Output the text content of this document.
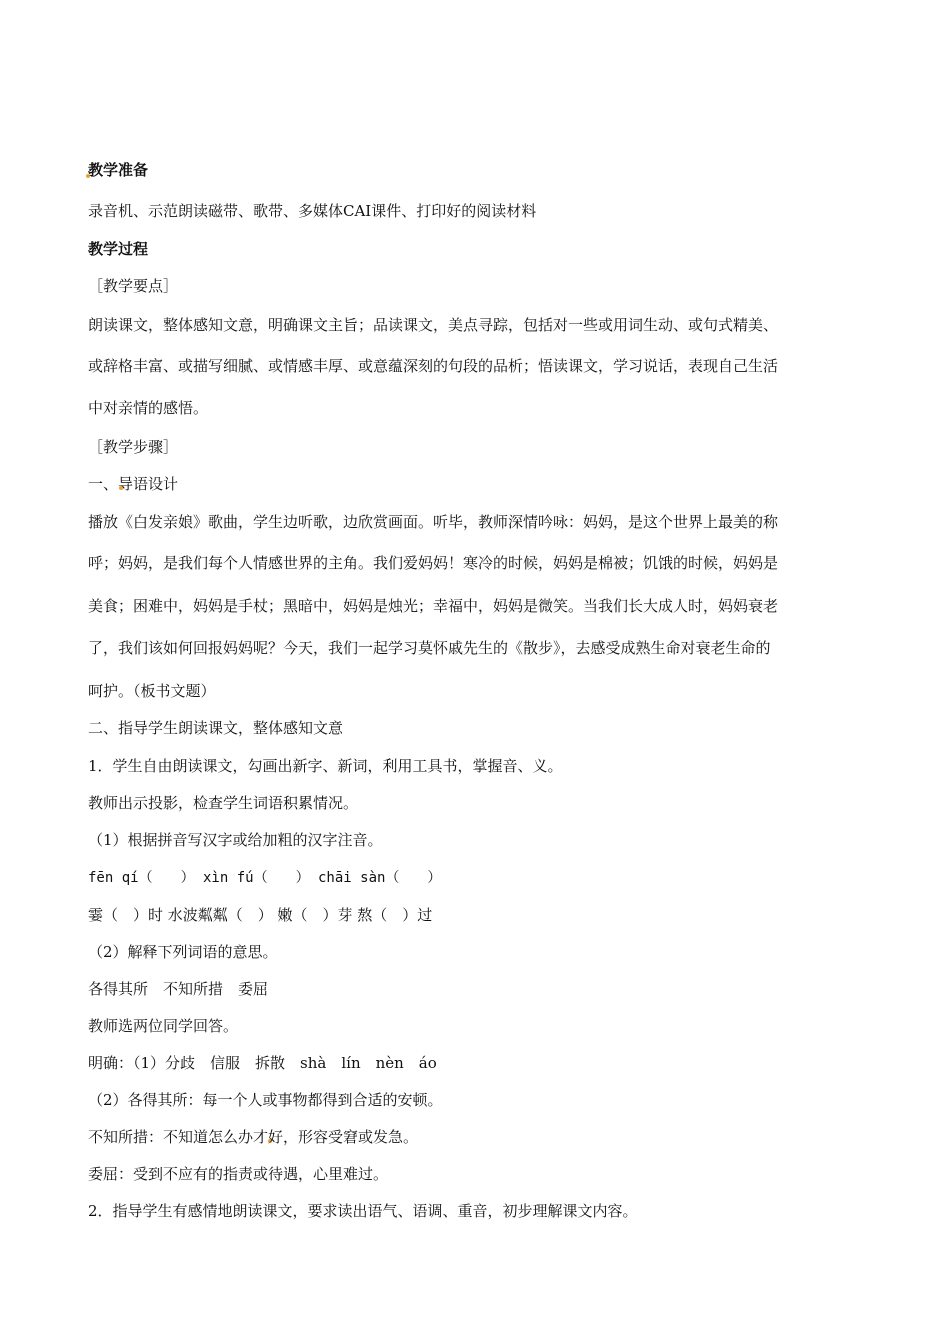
教学准备
录音机、示范朗读磁带、歌带、多媒体CAI课件、打印好的阅读材料
教学过程
［教学要点］
朗读课文，整体感知文意，明确课文主旨；品读课文，美点寻踪，包括对一些或用词生动、或句式精美、
或辞格丰富、或描写细腻、或情感丰厚、或意蕴深刻的句段的品析；悟读课文，学习说话，表现自己生活
中对亲情的感悟。
［教学步骤］
一、导语设计
播放《白发亲娘》歌曲，学生边听歌，边欣赏画面。听毕，教师深情吟咏：妈妈，是这个世界上最美的称
呼；妈妈，是我们每个人情感世界的主角。我们爱妈妈！寒冷的时候，妈妈是棉被；饥饿的时候，妈妈是
美食；困难中，妈妈是手杖；黑暗中，妈妈是烛光；幸福中，妈妈是微笑。当我们长大成人时，妈妈衰老
了，我们该如何回报妈妈呢？今天，我们一起学习莫怀戚先生的《散步》，去感受成熟生命对衰老生命的
呵护。（板书文题）
二、指导学生朗读课文，整体感知文意
1．学生自由朗读课文，勾画出新字、新词，利用工具书，掌握音、义。
教师出示投影，检查学生词语积累情况。
（1）根据拼音写汉字或给加粗的汉字注音。
fēn qí（　　） xìn fú（　　） chāi sàn（　　）
霎（　）时 水波粼粼（　） 嫩（　）芽 熬（　）过
（2）解释下列词语的意思。
各得其所　不知所措　委屈
教师选两位同学回答。
明确：（1）分歧　信服　拆散　shà　lín　nèn　áo
（2）各得其所：每一个人或事物都得到合适的安顿。
不知所措：不知道怎么办才好，形容受窘或发急。
委屈：受到不应有的指责或待遇，心里难过。
2．指导学生有感情地朗读课文，要求读出语气、语调、重音，初步理解课文内容。
